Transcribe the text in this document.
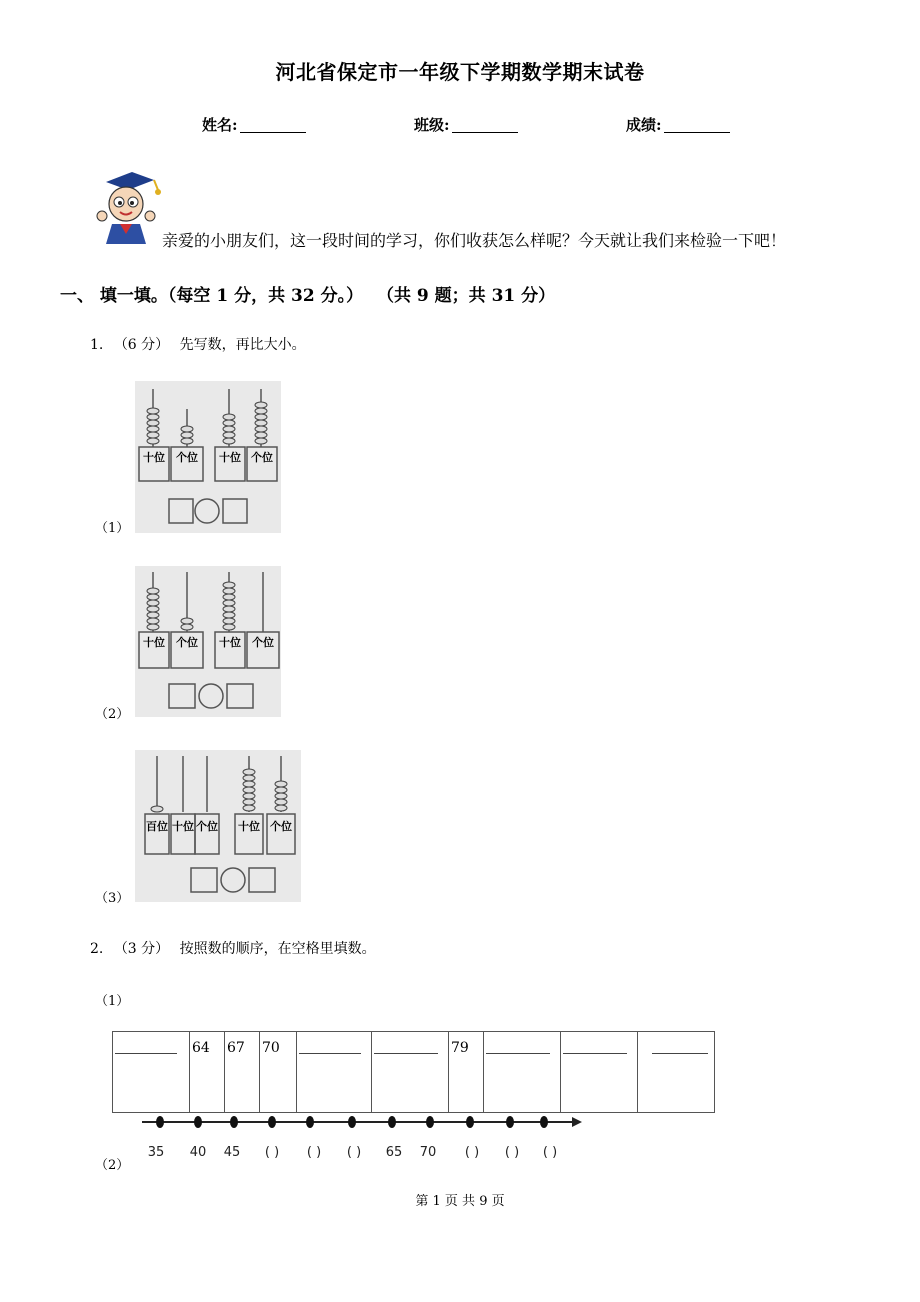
河北省保定市一年级下学期数学期末试卷
姓名:	班级:	成绩:
亲爱的小朋友们，这一段时间的学习，你们收获怎么样呢？今天就让我们来检验一下吧！
一、 填一填。（每空 1 分，共 32 分。） （共 9 题；共 31 分）
1. （6 分） 先写数，再比大小。
十位 个位 十位 个位
（1）
十位 个位 十位 个位
（2）
百位 十位 个位 十位 个位
（3）
2. （3 分） 按照数的顺序，在空格里填数。
（1）
	64	67	70			79	

35 40 45 ( ) ( ) ( ) 65 70 ( ) ( ) ( )
（2）
第 1 页 共 9 页
